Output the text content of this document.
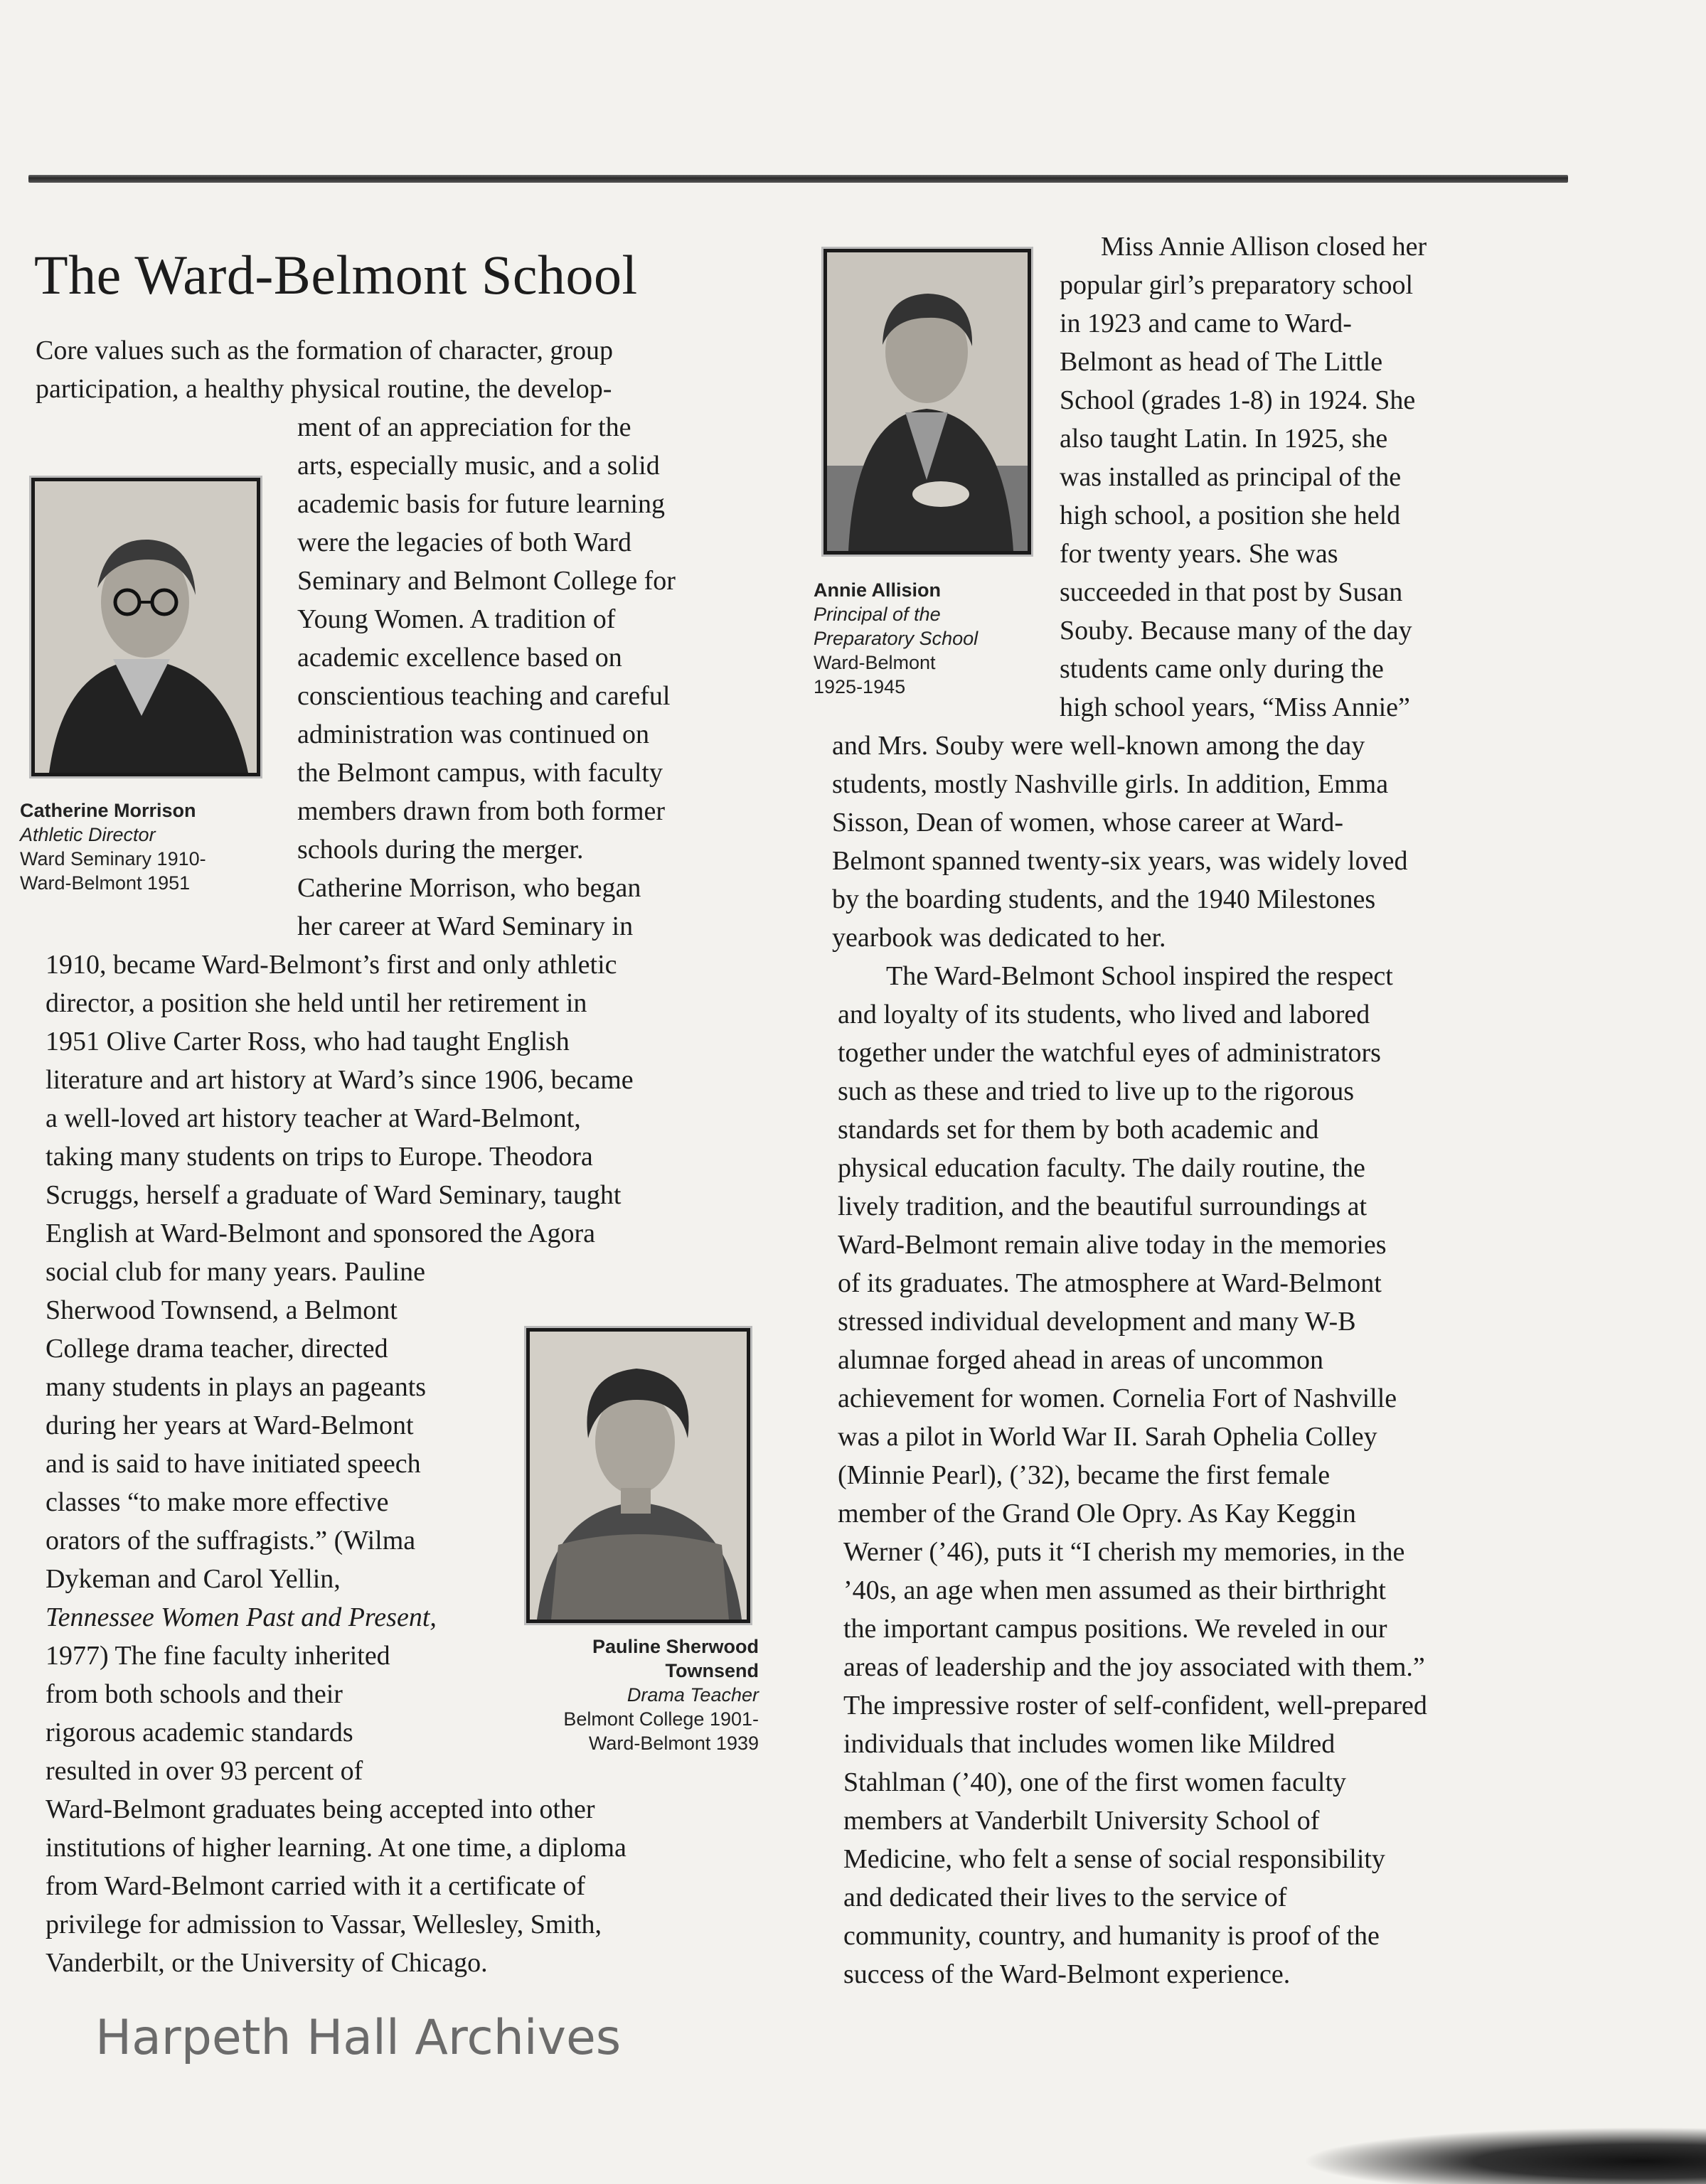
The Ward-Belmont School

Catherine Morrison

Athletic Director

Ward Seminary 1910-

Ward-Belmont 1951

Annie Allision

Principal of the

Preparatory School

Ward-Belmont

1925-1945

Pauline Sherwood

Townsend

Drama Teacher

Belmont College 1901-

Ward-Belmont 1939

Core values such as the formation of character, group

participation, a healthy physical routine, the develop-

ment of an appreciation for the

arts, especially music, and a solid

academic basis for future learning

were the legacies of both Ward

Seminary and Belmont College for

Young Women. A tradition of

academic excellence based on

conscientious teaching and careful

administration was continued on

the Belmont campus, with faculty

members drawn from both former

schools during the merger.

Catherine Morrison, who began

her career at Ward Seminary in

1910, became Ward-Belmont’s first and only athletic

director, a position she held until her retirement in

1951 Olive Carter Ross, who had taught English

literature and art history at Ward’s since 1906, became

a well-loved art history teacher at Ward-Belmont,

taking many students on trips to Europe. Theodora

Scruggs, herself a graduate of Ward Seminary, taught

English at Ward-Belmont and sponsored the Agora

social club for many years. Pauline

Sherwood Townsend, a Belmont

College drama teacher, directed

many students in plays an pageants

during her years at Ward-Belmont

and is said to have initiated speech

classes “to make more effective

orators of the suffragists.” (Wilma

Dykeman and Carol Yellin,

Tennessee Women Past and Present,

1977) The fine faculty inherited

from both schools and their

rigorous academic standards

resulted in over 93 percent of

Ward-Belmont graduates being accepted into other

institutions of higher learning. At one time, a diploma

from Ward-Belmont carried with it a certificate of

privilege for admission to Vassar, Wellesley, Smith,

Vanderbilt, or the University of Chicago.

Miss Annie Allison closed her

popular girl’s preparatory school

in 1923 and came to Ward-

Belmont as head of The Little

School (grades 1-8) in 1924. She

also taught Latin. In 1925, she

was installed as principal of the

high school, a position she held

for twenty years. She was

succeeded in that post by Susan

Souby. Because many of the day

students came only during the

high school years, “Miss Annie”

and Mrs. Souby were well-known among the day

students, mostly Nashville girls. In addition, Emma

Sisson, Dean of women, whose career at Ward-

Belmont spanned twenty-six years, was widely loved

by the boarding students, and the 1940 Milestones

yearbook was dedicated to her.

The Ward-Belmont School inspired the respect

and loyalty of its students, who lived and labored

together under the watchful eyes of administrators

such as these and tried to live up to the rigorous

standards set for them by both academic and

physical education faculty. The daily routine, the

lively tradition, and the beautiful surroundings at

Ward-Belmont remain alive today in the memories

of its graduates. The atmosphere at Ward-Belmont

stressed individual development and many W-B

alumnae forged ahead in areas of uncommon

achievement for women. Cornelia Fort of Nashville

was a pilot in World War II. Sarah Ophelia Colley

(Minnie Pearl), (’32), became the first female

member of the Grand Ole Opry. As Kay Keggin

Werner (’46), puts it “I cherish my memories, in the

’40s, an age when men assumed as their birthright

the important campus positions. We reveled in our

areas of leadership and the joy associated with them.”

The impressive roster of self-confident, well-prepared

individuals that includes women like Mildred

Stahlman (’40), one of the first women faculty

members at Vanderbilt University School of

Medicine, who felt a sense of social responsibility

and dedicated their lives to the service of

community, country, and humanity is proof of the

success of the Ward-Belmont experience.

Harpeth Hall Archives
